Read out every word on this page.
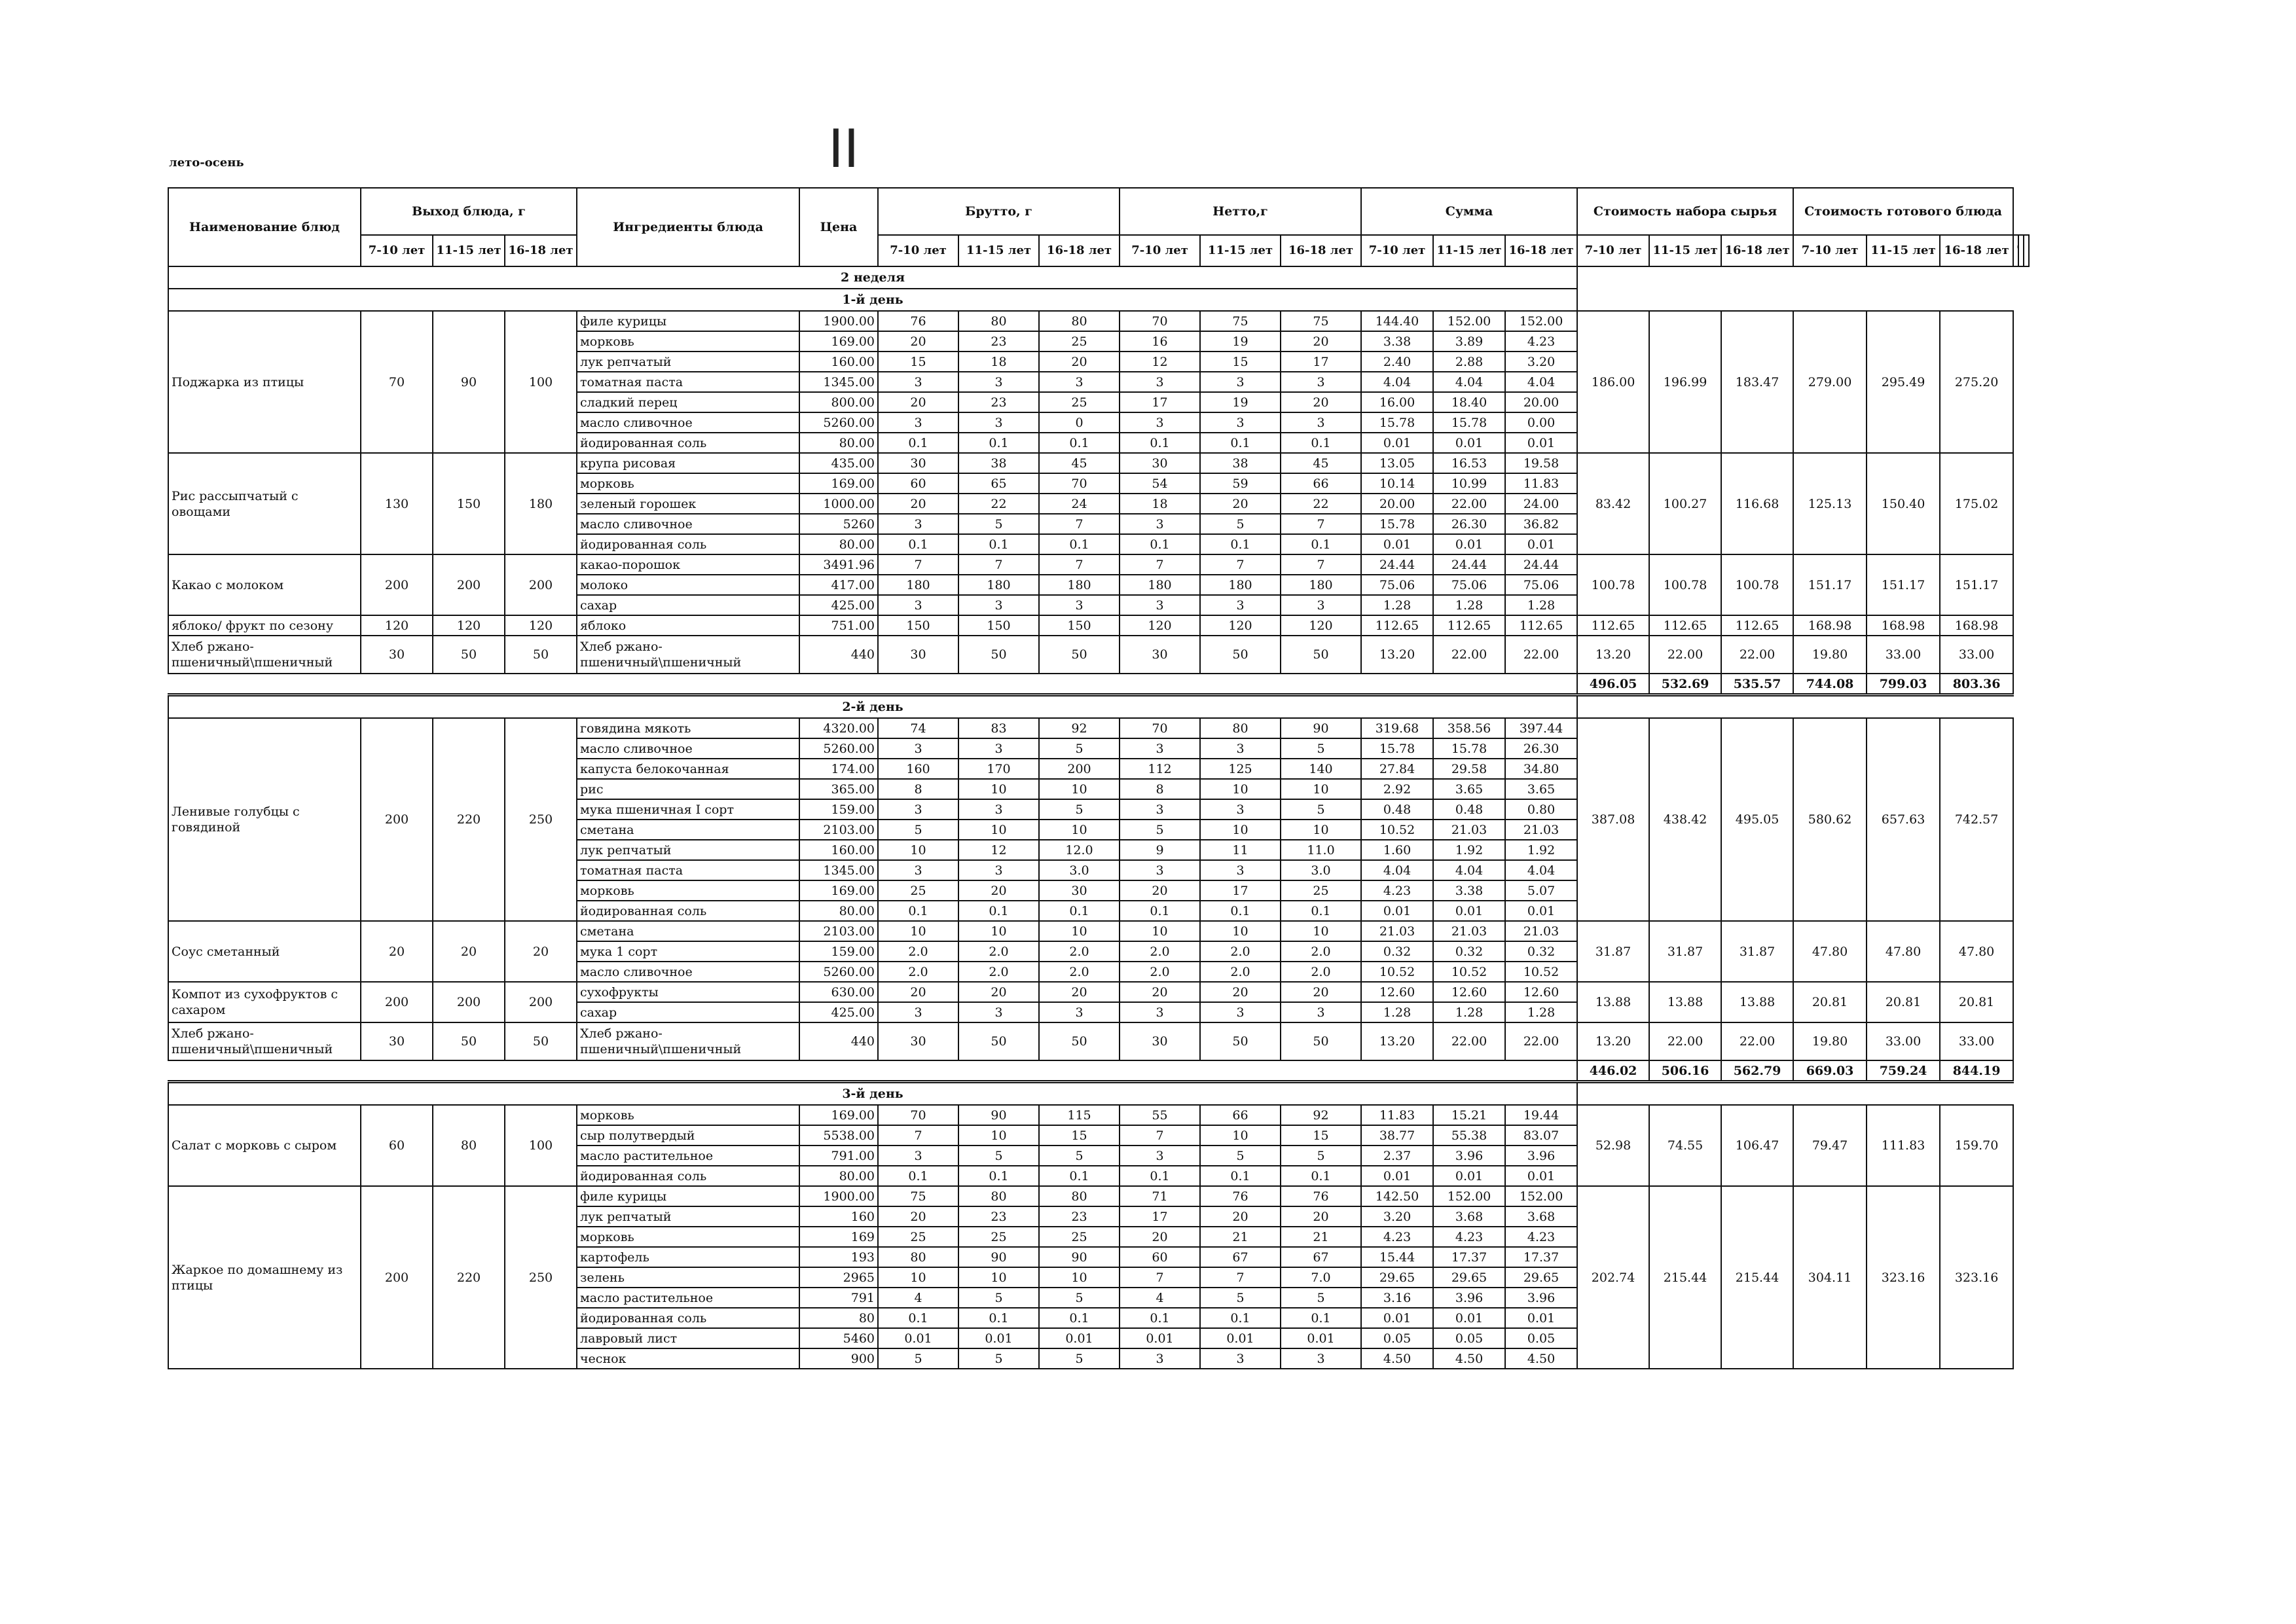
лето-осень	II
Наименование блюд	Выход блюда, г			Ингредиенты блюда	Цена	Брутто, г			Нетто,г			Сумма			Стоимость набора сырья			Стоимость готового блюда					
	7-10 лет	11-15 лет	16-18 лет			7-10 лет	11-15 лет	16-18 лет	7-10 лет	11-15 лет	16-18 лет	7-10 лет	11-15 лет	16-18 лет	7-10 лет	11-15 лет	16-18 лет	7-10 лет	11-15 лет	16-18 лет			
2 неделя																							
1-й день																							
Поджарка из птицы	70	90	100	филе курицы	1900.00	76	80	80	70	75	75	144.40	152.00	152.00	186.00	196.99	183.47	279.00	295.49	275.20			
				морковь	169.00	20	23	25	16	19	20	3.38	3.89	4.23									
				лук репчатый	160.00	15	18	20	12	15	17	2.40	2.88	3.20									
				томатная паста	1345.00	3	3	3	3	3	3	4.04	4.04	4.04									
				сладкий перец	800.00	20	23	25	17	19	20	16.00	18.40	20.00									
				масло сливочное	5260.00	3	3	0	3	3	3	15.78	15.78	0.00									
				йодированная соль	80.00	0.1	0.1	0.1	0.1	0.1	0.1	0.01	0.01	0.01									
Рис рассыпчатый с овощами	130	150	180	крупа рисовая	435.00	30	38	45	30	38	45	13.05	16.53	19.58	83.42	100.27	116.68	125.13	150.40	175.02			
				морковь	169.00	60	65	70	54	59	66	10.14	10.99	11.83									
				зеленый горошек	1000.00	20	22	24	18	20	22	20.00	22.00	24.00									
				масло сливочное	5260	3	5	7	3	5	7	15.78	26.30	36.82									
				йодированная соль	80.00	0.1	0.1	0.1	0.1	0.1	0.1	0.01	0.01	0.01									
Какао с молоком	200	200	200	какао-порошок	3491.96	7	7	7	7	7	7	24.44	24.44	24.44	100.78	100.78	100.78	151.17	151.17	151.17			
				молоко	417.00	180	180	180	180	180	180	75.06	75.06	75.06									
				сахар	425.00	3	3	3	3	3	3	1.28	1.28	1.28									
яблоко/ фрукт по сезону	120	120	120	яблоко	751.00	150	150	150	120	120	120	112.65	112.65	112.65	112.65	112.65	112.65	168.98	168.98	168.98			
Хлеб ржано-пшеничный\пшеничный	30	50	50	Хлеб ржано-пшеничный\пшеничный	440	30	50	50	30	50	50	13.20	22.00	22.00	13.20	22.00	22.00	19.80	33.00	33.00			
															496.05	532.69	535.57	744.08	799.03	803.36			
2-й день																							
Ленивые голубцы с говядиной	200	220	250	говядина мякоть	4320.00	74	83	92	70	80	90	319.68	358.56	397.44	387.08	438.42	495.05	580.62	657.63	742.57			
				масло сливочное	5260.00	3	3	5	3	3	5	15.78	15.78	26.30									
				капуста белокочанная	174.00	160	170	200	112	125	140	27.84	29.58	34.80									
				рис	365.00	8	10	10	8	10	10	2.92	3.65	3.65									
				мука пшеничная I сорт	159.00	3	3	5	3	3	5	0.48	0.48	0.80									
				сметана	2103.00	5	10	10	5	10	10	10.52	21.03	21.03									
				лук репчатый	160.00	10	12	12.0	9	11	11.0	1.60	1.92	1.92									
				томатная паста	1345.00	3	3	3.0	3	3	3.0	4.04	4.04	4.04									
				морковь	169.00	25	20	30	20	17	25	4.23	3.38	5.07									
				йодированная соль	80.00	0.1	0.1	0.1	0.1	0.1	0.1	0.01	0.01	0.01									
Соус сметанный	20	20	20	сметана	2103.00	10	10	10	10	10	10	21.03	21.03	21.03	31.87	31.87	31.87	47.80	47.80	47.80			
				мука 1 сорт	159.00	2.0	2.0	2.0	2.0	2.0	2.0	0.32	0.32	0.32									
				масло сливочное	5260.00	2.0	2.0	2.0	2.0	2.0	2.0	10.52	10.52	10.52									
Компот из сухофруктов с сахаром	200	200	200	сухофрукты	630.00	20	20	20	20	20	20	12.60	12.60	12.60	13.88	13.88	13.88	20.81	20.81	20.81			
				сахар	425.00	3	3	3	3	3	3	1.28	1.28	1.28									
Хлеб ржано-пшеничный\пшеничный	30	50	50	Хлеб ржано-пшеничный\пшеничный	440	30	50	50	30	50	50	13.20	22.00	22.00	13.20	22.00	22.00	19.80	33.00	33.00			
															446.02	506.16	562.79	669.03	759.24	844.19			
3-й день																							
Салат с морковь с сыром	60	80	100	морковь	169.00	70	90	115	55	66	92	11.83	15.21	19.44	52.98	74.55	106.47	79.47	111.83	159.70			
				сыр полутвердый	5538.00	7	10	15	7	10	15	38.77	55.38	83.07									
				масло растительное	791.00	3	5	5	3	5	5	2.37	3.96	3.96									
				йодированная соль	80.00	0.1	0.1	0.1	0.1	0.1	0.1	0.01	0.01	0.01									
Жаркое по домашнему из птицы	200	220	250	филе курицы	1900.00	75	80	80	71	76	76	142.50	152.00	152.00	202.74	215.44	215.44	304.11	323.16	323.16			
				лук репчатый	160	20	23	23	17	20	20	3.20	3.68	3.68									
				морковь	169	25	25	25	20	21	21	4.23	4.23	4.23									
				картофель	193	80	90	90	60	67	67	15.44	17.37	17.37									
				зелень	2965	10	10	10	7	7	7.0	29.65	29.65	29.65									
				масло растительное	791	4	5	5	4	5	5	3.16	3.96	3.96									
				йодированная соль	80	0.1	0.1	0.1	0.1	0.1	0.1	0.01	0.01	0.01									
				лавровый лист	5460	0.01	0.01	0.01	0.01	0.01	0.01	0.05	0.05	0.05									
				чеснок	900	5	5	5	3	3	3	4.50	4.50	4.50									
